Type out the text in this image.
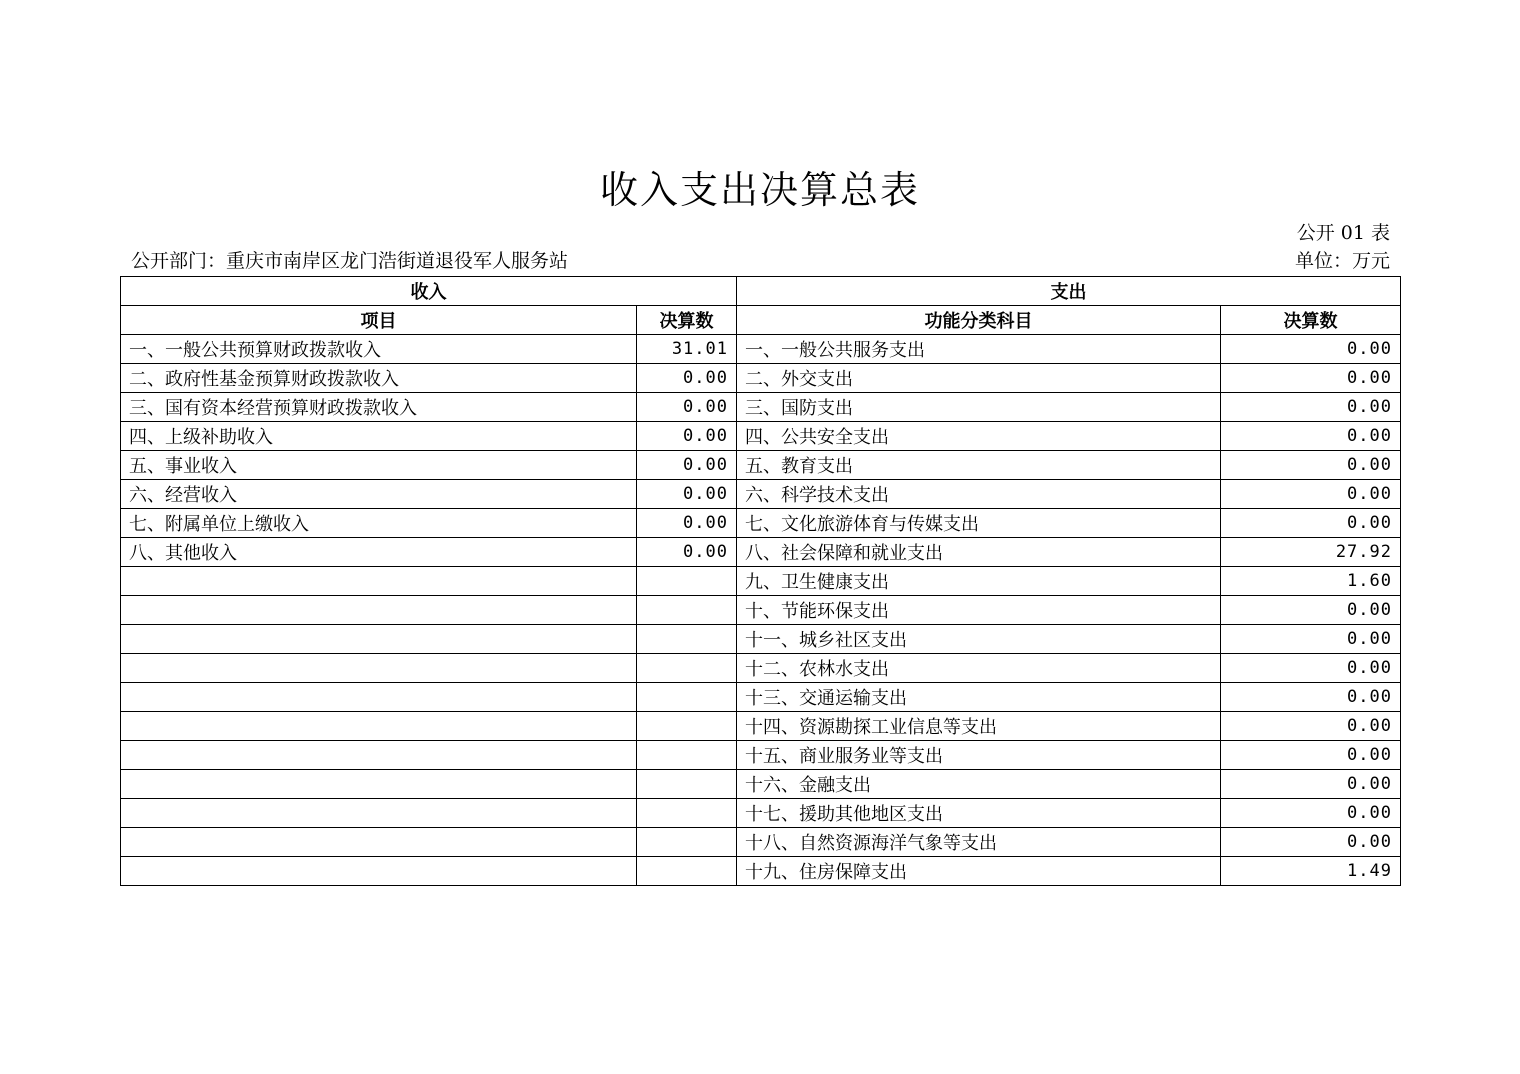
收入支出决算总表
公开 01 表
公开部门：重庆市南岸区龙门浩街道退役军人服务站	单位：万元
收入		支出	
项目	决算数	功能分类科目	决算数
一、一般公共预算财政拨款收入	31.01	一、一般公共服务支出	0.00
二、政府性基金预算财政拨款收入	0.00	二、外交支出	0.00
三、国有资本经营预算财政拨款收入	0.00	三、国防支出	0.00
四、上级补助收入	0.00	四、公共安全支出	0.00
五、事业收入	0.00	五、教育支出	0.00
六、经营收入	0.00	六、科学技术支出	0.00
七、附属单位上缴收入	0.00	七、文化旅游体育与传媒支出	0.00
八、其他收入	0.00	八、社会保障和就业支出	27.92
		九、卫生健康支出	1.60
		十、节能环保支出	0.00
		十一、城乡社区支出	0.00
		十二、农林水支出	0.00
		十三、交通运输支出	0.00
		十四、资源勘探工业信息等支出	0.00
		十五、商业服务业等支出	0.00
		十六、金融支出	0.00
		十七、援助其他地区支出	0.00
		十八、自然资源海洋气象等支出	0.00
		十九、住房保障支出	1.49
